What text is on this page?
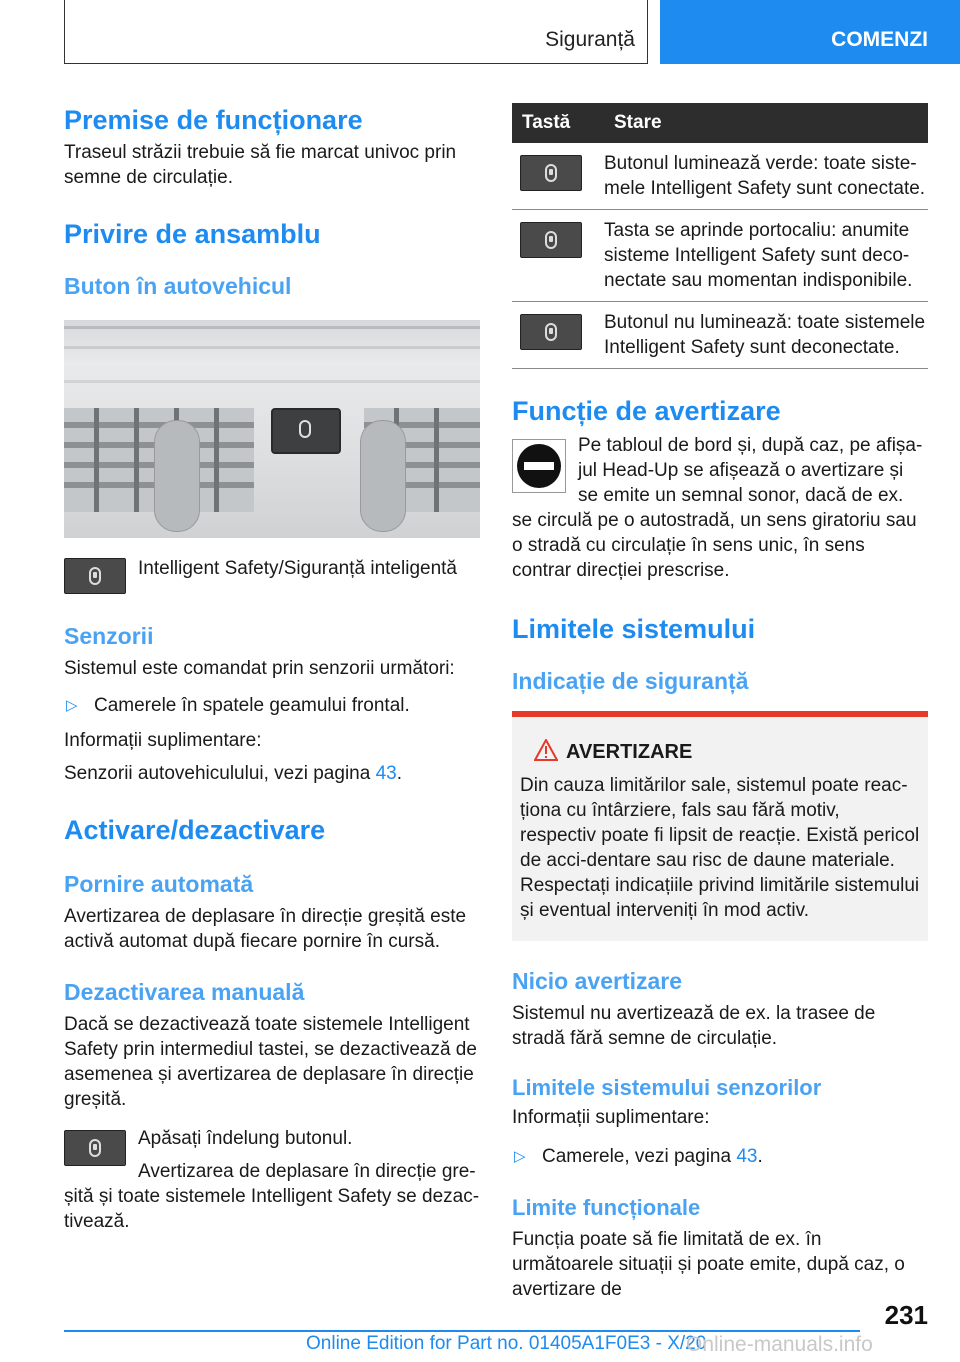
Siguranță	COMENZI
Premise de funcționare

Traseul străzii trebuie să fie marcat univoc prin semne de circulație.

Privire de ansamblu
Buton în autovehicul

Intelligent Safety/Siguranță inteligentă

Senzorii

Sistemul este comandat prin senzorii următori:

▷ Camerele în spatele geamului frontal.

Informații suplimentare:

Senzorii autovehiculului, vezi pagina 43.

Activare/dezactivare
Pornire automată

Avertizarea de deplasare în direcție greșită este activă automat după fiecare pornire în cursă.

Dezactivarea manuală

Dacă se dezactivează toate sistemele Intelligent Safety prin intermediul tastei, se dezactivează de asemenea și avertizarea de deplasare în direcție greșită.

Apăsați îndelung butonul.

Avertizarea de deplasare în direcție gre-

șită și toate sistemele Intelligent Safety se dezac-tivează.

Tastă	Stare

	Butonul luminează verde: toate siste-mele Intelligent Safety sunt conectate.

	Tasta se aprinde portocaliu: anumite sisteme Intelligent Safety sunt deco-nectate sau momentan indisponibile.

	Butonul nu luminează: toate sistemele Intelligent Safety sunt deconectate.
Funcție de avertizare

Pe tabloul de bord și, după caz, pe afișa-jul Head-Up se afișează o avertizare și se emite un semnal sonor, dacă de ex. se circulă pe o autostradă, un sens giratoriu sau o stradă cu circulație în sens unic, în sens contrar direcției prescrise.

Limitele sistemului
Indicație de siguranță
AVERTIZARE

Din cauza limitărilor sale, sistemul poate reac-ționa cu întârziere, fals sau fără motiv, respectiv poate fi lipsit de reacție. Există pericol de acci-dentare sau risc de daune materiale. Respectați indicațiile privind limitările sistemului și eventual interveniți în mod activ.

Nicio avertizare

Sistemul nu avertizează de ex. la trasee de stradă fără semne de circulație.

Limitele sistemului senzorilor

Informații suplimentare:

▷ Camerele, vezi pagina 43.
Limite funcționale

Funcția poate să fie limitată de ex. în următoarele situații și poate emite, după caz, o avertizare de

231
Online Edition for Part no. 01405A1F0E3 - X/20
Online-manuals.info
